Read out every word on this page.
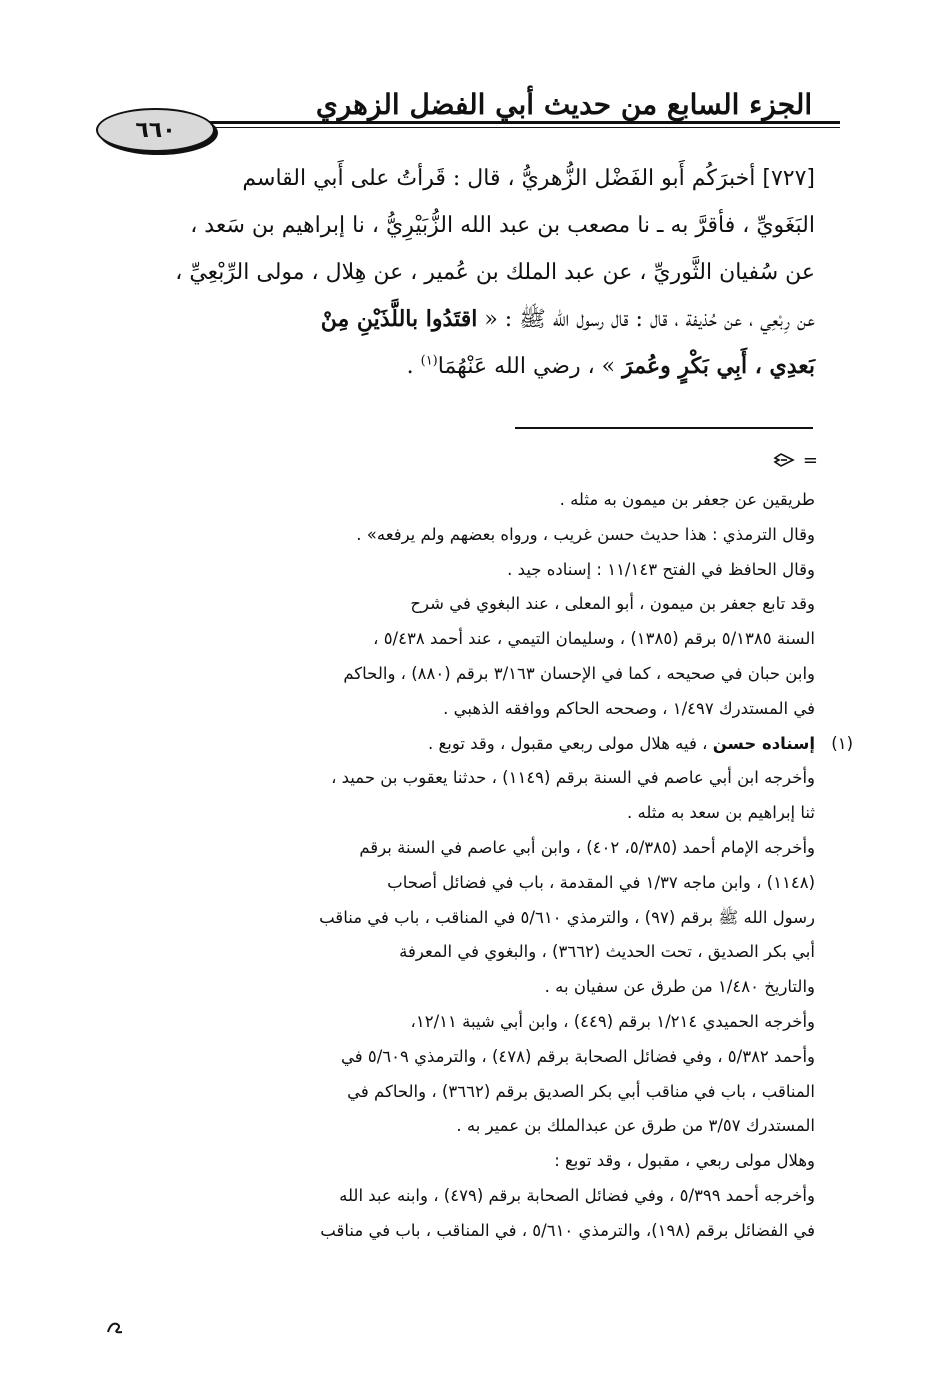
الجزء السابع من حديث أبي الفضل الزهري
٦٦٠
[٧٢٧] أخبرَكُم أَبو الفَضْل الزُّهريُّ ، قال : قَرأتُ على أَبي القاسم
البَغَويِّ ، فأقرَّ به ـ نا مصعب بن عبد الله الزُّبَيْرِيُّ ، نا إبراهيم بن سَعد ،
عن سُفيان الثَّوريِّ ، عن عبد الملك بن عُمير ، عن هِلال ، مولى الرِّبْعِيِّ ،
عن رِبْعِي ، عن حُذيفة ، قال : قال رسول الله ﷺ : « اقتَدُوا باللَّذَيْنِ مِنْ
بَعدِي ، أَبِي بَكْرٍ وعُمرَ » ، رضي الله عَنْهُمَا$^{(١)}$ .
=
طريقين عن جعفر بن ميمون به مثله .
وقال الترمذي : هذا حديث حسن غريب ، ورواه بعضهم ولم يرفعه» .
وقال الحافظ في الفتح ١١/١٤٣ : إسناده جيد .
وقد تابع جعفر بن ميمون ، أبو المعلى ، عند البغوي في شرح
السنة ٥/١٣٨٥ برقم (١٣٨٥) ، وسليمان التيمي ، عند أحمد ٥/٤٣٨ ،
وابن حبان في صحيحه ، كما في الإحسان ٣/١٦٣ برقم (٨٨٠) ، والحاكم
في المستدرك ١/٤٩٧ ، وصححه الحاكم ووافقه الذهبي .
(١)
إسناده حسن ، فيه هلال مولى ربعي مقبول ، وقد توبع .
وأخرجه ابن أبي عاصم في السنة برقم (١١٤٩) ، حدثنا يعقوب بن حميد ،
ثنا إبراهيم بن سعد به مثله .
وأخرجه الإمام أحمد (٥/٣٨٥، ٤٠٢) ، وابن أبي عاصم في السنة برقم
(١١٤٨) ، وابن ماجه ١/٣٧ في المقدمة ، باب في فضائل أصحاب
رسول الله ﷺ برقم (٩٧) ، والترمذي ٥/٦١٠ في المناقب ، باب في مناقب
أبي بكر الصديق ، تحت الحديث (٣٦٦٢) ، والبغوي في المعرفة
والتاريخ ١/٤٨٠ من طرق عن سفيان به .
وأخرجه الحميدي ١/٢١٤ برقم (٤٤٩) ، وابن أبي شيبة ١٢/١١،
وأحمد ٥/٣٨٢ ، وفي فضائل الصحابة برقم (٤٧٨) ، والترمذي ٥/٦٠٩ في
المناقب ، باب في مناقب أبي بكر الصديق برقم (٣٦٦٢) ، والحاكم في
المستدرك ٣/٥٧ من طرق عن عبدالملك بن عمير به .
وهلال مولى ربعي ، مقبول ، وقد توبع :
وأخرجه أحمد ٥/٣٩٩ ، وفي فضائل الصحابة برقم (٤٧٩) ، وابنه عبد الله
في الفضائل برقم (١٩٨)، والترمذي ٥/٦١٠ ، في المناقب ، باب في مناقب
